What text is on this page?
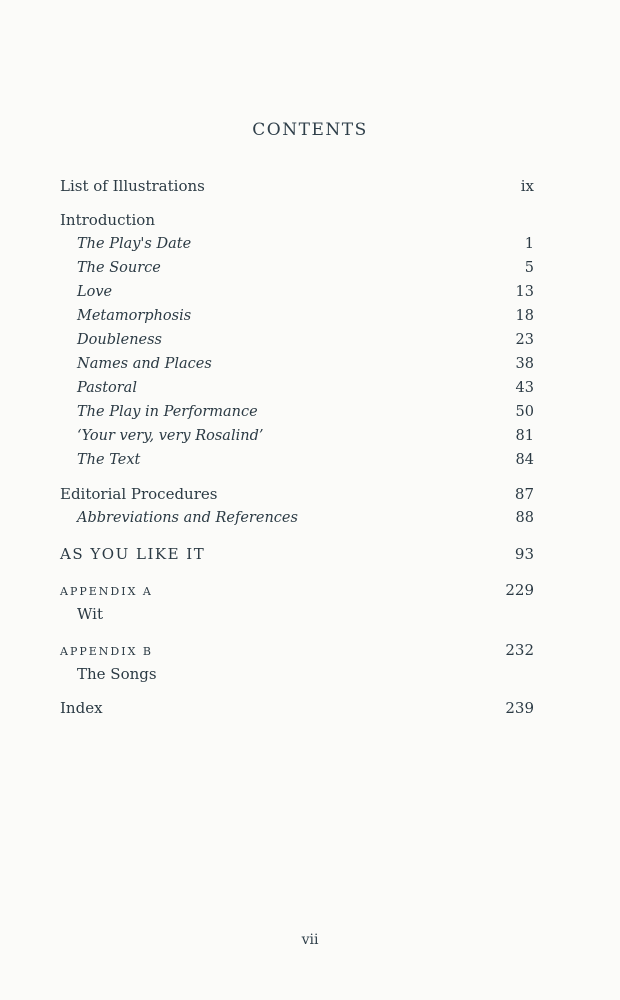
CONTENTS
List of Illustrations	ix
Introduction
The Play's Date	1
The Source	5
Love	13
Metamorphosis	18
Doubleness	23
Names and Places	38
Pastoral	43
The Play in Performance	50
‘Your very, very Rosalind’	81
The Text	84
Editorial Procedures	87
Abbreviations and References	88
AS YOU LIKE IT	93
APPENDIX A	229
Wit
APPENDIX B	232
The Songs
Index	239
vii
